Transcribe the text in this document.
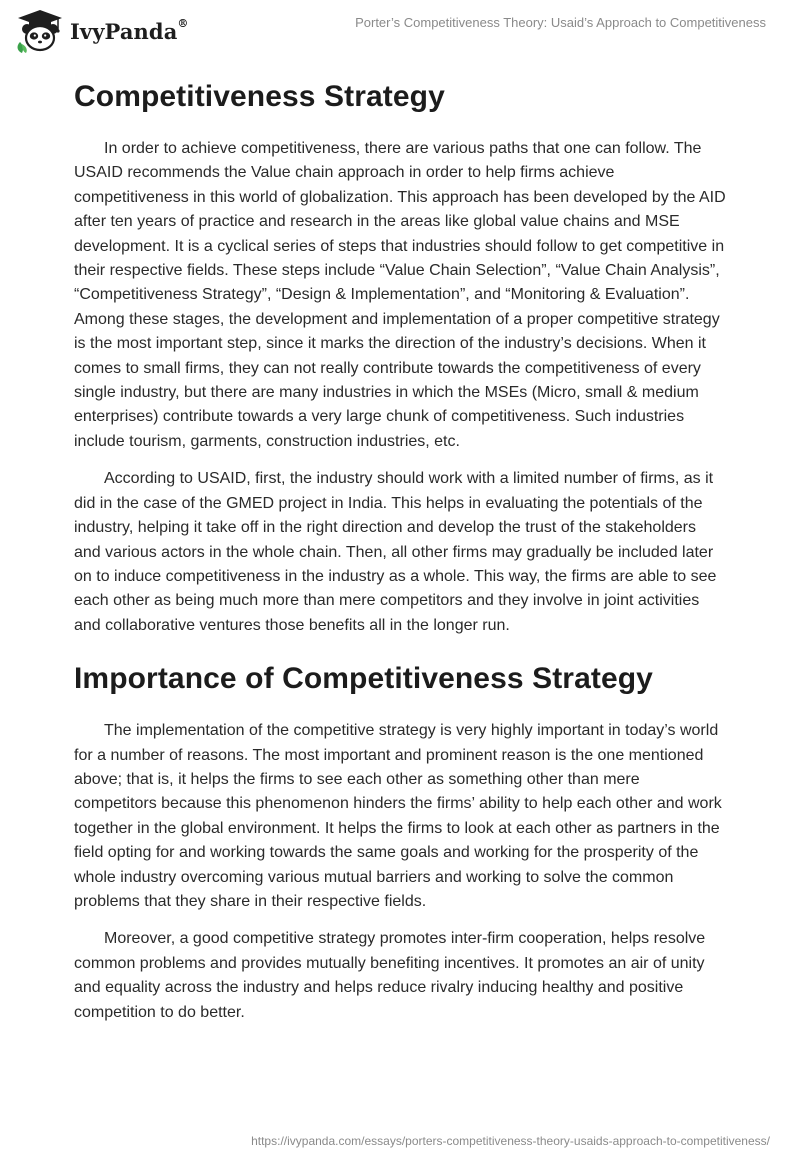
IvyPanda®	Porter’s Competitiveness Theory: Usaid’s Approach to Competitiveness
Competitiveness Strategy

In order to achieve competitiveness, there are various paths that one can follow. The USAID recommends the Value chain approach in order to help firms achieve competitiveness in this world of globalization. This approach has been developed by the AID after ten years of practice and research in the areas like global value chains and MSE development. It is a cyclical series of steps that industries should follow to get competitive in their respective fields. These steps include “Value Chain Selection”, “Value Chain Analysis”, “Competitiveness Strategy”, “Design & Implementation”, and “Monitoring & Evaluation”. Among these stages, the development and implementation of a proper competitive strategy is the most important step, since it marks the direction of the industry’s decisions. When it comes to small firms, they can not really contribute towards the competitiveness of every single industry, but there are many industries in which the MSEs (Micro, small & medium enterprises) contribute towards a very large chunk of competitiveness. Such industries include tourism, garments, construction industries, etc.

According to USAID, first, the industry should work with a limited number of firms, as it did in the case of the GMED project in India. This helps in evaluating the potentials of the industry, helping it take off in the right direction and develop the trust of the stakeholders and various actors in the whole chain. Then, all other firms may gradually be included later on to induce competitiveness in the industry as a whole. This way, the firms are able to see each other as being much more than mere competitors and they involve in joint activities and collaborative ventures those benefits all in the longer run.

Importance of Competitiveness Strategy

The implementation of the competitive strategy is very highly important in today’s world for a number of reasons. The most important and prominent reason is the one mentioned above; that is, it helps the firms to see each other as something other than mere competitors because this phenomenon hinders the firms’ ability to help each other and work together in the global environment. It helps the firms to look at each other as partners in the field opting for and working towards the same goals and working for the prosperity of the whole industry overcoming various mutual barriers and working to solve the common problems that they share in their respective fields.

Moreover, a good competitive strategy promotes inter-firm cooperation, helps resolve common problems and provides mutually benefiting incentives. It promotes an air of unity and equality across the industry and helps reduce rivalry inducing healthy and positive competition to do better.

https://ivypanda.com/essays/porters-competitiveness-theory-usaids-approach-to-competitiveness/
